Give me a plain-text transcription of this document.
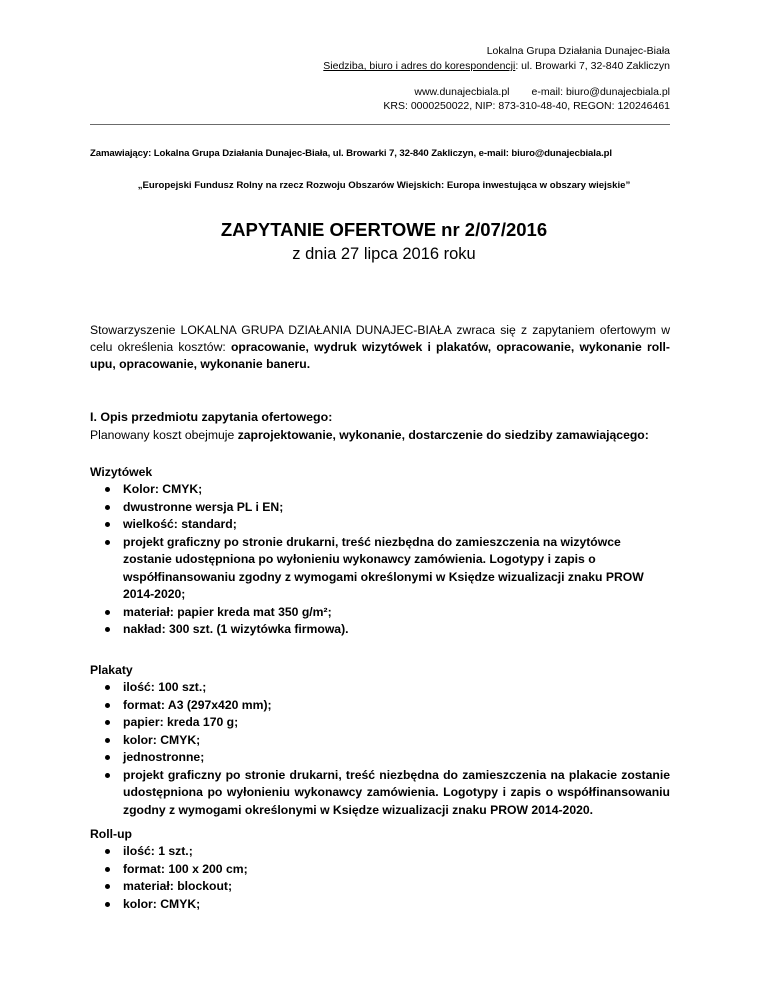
Lokalna Grupa Działania Dunajec-Biała
Siedziba, biuro i adres do korespondencji: ul. Browarki 7, 32-840 Zakliczyn
www.dunajecbiala.pl e-mail: biuro@dunajecbiala.pl
KRS: 0000250022, NIP: 873-310-48-40, REGON: 120246461
Zamawiający: Lokalna Grupa Działania Dunajec-Biała, ul. Browarki 7, 32-840 Zakliczyn, e-mail: biuro@dunajecbiala.pl
„Europejski Fundusz Rolny na rzecz Rozwoju Obszarów Wiejskich: Europa inwestująca w obszary wiejskie”
ZAPYTANIE OFERTOWE nr 2/07/2016
z dnia 27 lipca 2016 roku
Stowarzyszenie LOKALNA GRUPA DZIAŁANIA DUNAJEC-BIAŁA zwraca się z zapytaniem ofertowym w celu określenia kosztów: opracowanie, wydruk wizytówek i plakatów, opracowanie, wykonanie roll-upu, opracowanie, wykonanie baneru.
I. Opis przedmiotu zapytania ofertowego:
Planowany koszt obejmuje zaprojektowanie, wykonanie, dostarczenie do siedziby zamawiającego:
Wizytówek
Kolor: CMYK;
dwustronne wersja PL i EN;
wielkość: standard;
projekt graficzny po stronie drukarni, treść niezbędna do zamieszczenia na wizytówce zostanie udostępniona po wyłonieniu wykonawcy zamówienia. Logotypy i zapis o współfinansowaniu zgodny z wymogami określonymi w Księdze wizualizacji znaku PROW 2014-2020;
materiał: papier kreda mat 350 g/m²;
nakład: 300 szt. (1 wizytówka firmowa).
Plakaty
ilość: 100 szt.;
format: A3 (297x420 mm);
papier: kreda 170 g;
kolor: CMYK;
jednostronne;
projekt graficzny po stronie drukarni, treść niezbędna do zamieszczenia na plakacie zostanie udostępniona po wyłonieniu wykonawcy zamówienia. Logotypy i zapis o współfinansowaniu zgodny z wymogami określonymi w Księdze wizualizacji znaku PROW 2014-2020.
Roll-up
ilość: 1 szt.;
format: 100 x 200 cm;
materiał: blockout;
kolor: CMYK;
